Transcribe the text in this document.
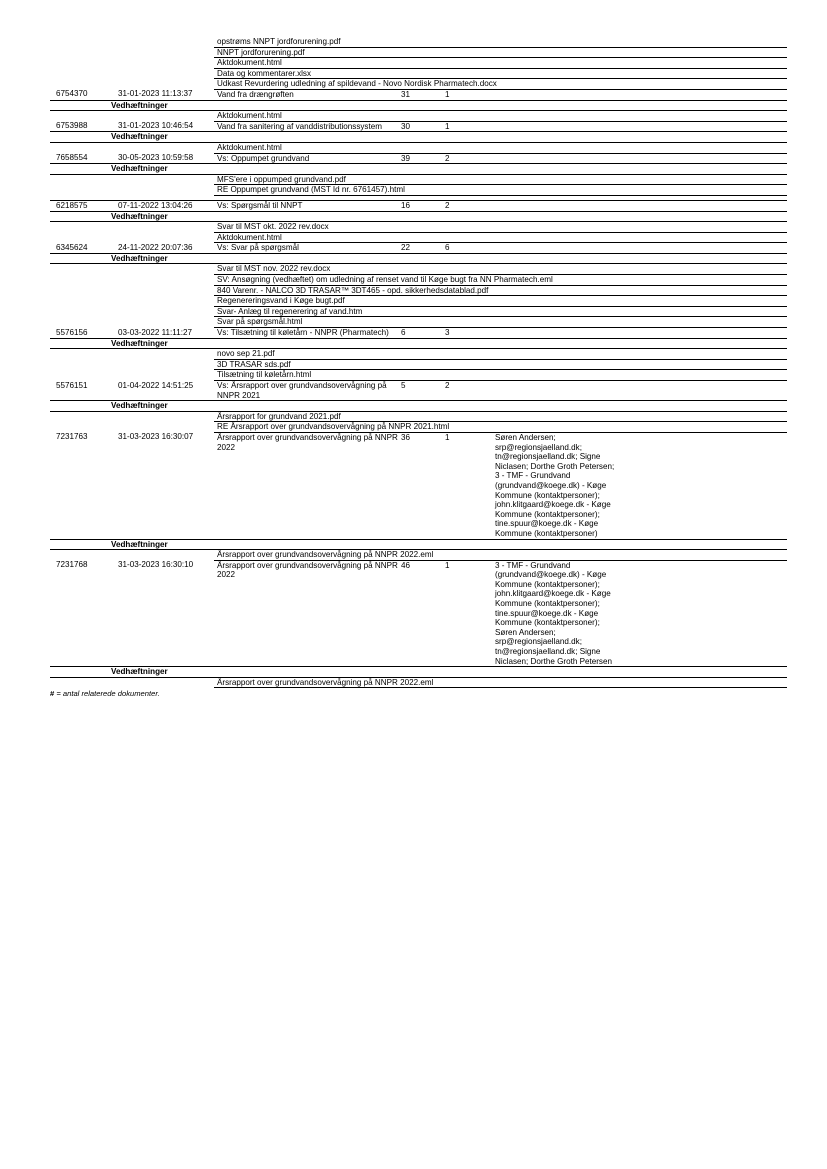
		opstrøms NNPT jordforurening.pdf				
		NNPT jordforurening.pdf				
		Aktdokument.html				
		Data og kommentarer.xlsx				
		Udkast Revurdering udledning af spildevand - Novo Nordisk Pharmatech.docx				
6754370	31-01-2023 11:13:37	Vand fra drængrøften	31	1		
	Vedhæftninger					
		Aktdokument.html				
6753988	31-01-2023 10:46:54	Vand fra sanitering af vanddistributionssystem	30	1		
	Vedhæftninger					
		Aktdokument.html				
7658554	30-05-2023 10:59:58	Vs: Oppumpet grundvand	39	2		
	Vedhæftninger					
		MFS'ere i oppumped grundvand.pdf				
		RE Oppumpet grundvand (MST Id nr. 6761457).html				

6218575	07-11-2022 13:04:26	Vs: Spørgsmål til NNPT	16	2		
	Vedhæftninger					
		Svar til MST okt. 2022 rev.docx				
		Aktdokument.html				
6345624	24-11-2022 20:07:36	Vs: Svar på spørgsmål	22	6		
	Vedhæftninger					
		Svar til MST nov. 2022 rev.docx				
		SV: Ansøgning (vedhæftet) om udledning af renset vand til Køge bugt fra NN Pharmatech.eml				
		840 Varenr. - NALCO 3D TRASAR™ 3DT465 - opd. sikkerhedsdatablad.pdf				
		Regenereringsvand i Køge bugt.pdf				
		Svar- Anlæg til regenerering af vand.htm				
		Svar på spørgsmål.html				
5576156	03-03-2022 11:11:27	Vs: Tilsætning til køletårn - NNPR (Pharmatech)	6	3		
	Vedhæftninger					
		novo sep 21.pdf				
		3D TRASAR sds.pdf				
		Tilsætning til køletårn.html				
5576151	01-04-2022 14:51:25	Vs: Årsrapport over grundvandsovervågning på NNPR 2021	5	2		
	Vedhæftninger					
		Årsrapport for grundvand 2021.pdf				
		RE Årsrapport over grundvandsovervågning på NNPR 2021.html				
7231763	31-03-2023 16:30:07	Årsrapport over grundvandsovervågning på NNPR 2022	36	1	Søren Andersen; srp@regionsjaelland.dk; tn@regionsjaelland.dk; Signe Niclasen; Dorthe Groth Petersen; 3 - TMF - Grundvand (grundvand@koege.dk) - Køge Kommune (kontaktpersoner); john.klitgaard@koege.dk - Køge Kommune (kontaktpersoner); tine.spuur@koege.dk - Køge Kommune (kontaktpersoner)	
	Vedhæftninger					
		Årsrapport over grundvandsovervågning på NNPR 2022.eml				
7231768	31-03-2023 16:30:10	Årsrapport over grundvandsovervågning på NNPR 2022	46	1	3 - TMF - Grundvand (grundvand@koege.dk) - Køge Kommune (kontaktpersoner); john.klitgaard@koege.dk - Køge Kommune (kontaktpersoner); tine.spuur@koege.dk - Køge Kommune (kontaktpersoner); Søren Andersen; srp@regionsjaelland.dk; tn@regionsjaelland.dk; Signe Niclasen; Dorthe Groth Petersen	
	Vedhæftninger					
		Årsrapport over grundvandsovervågning på NNPR 2022.eml				
# = antal relaterede dokumenter.
